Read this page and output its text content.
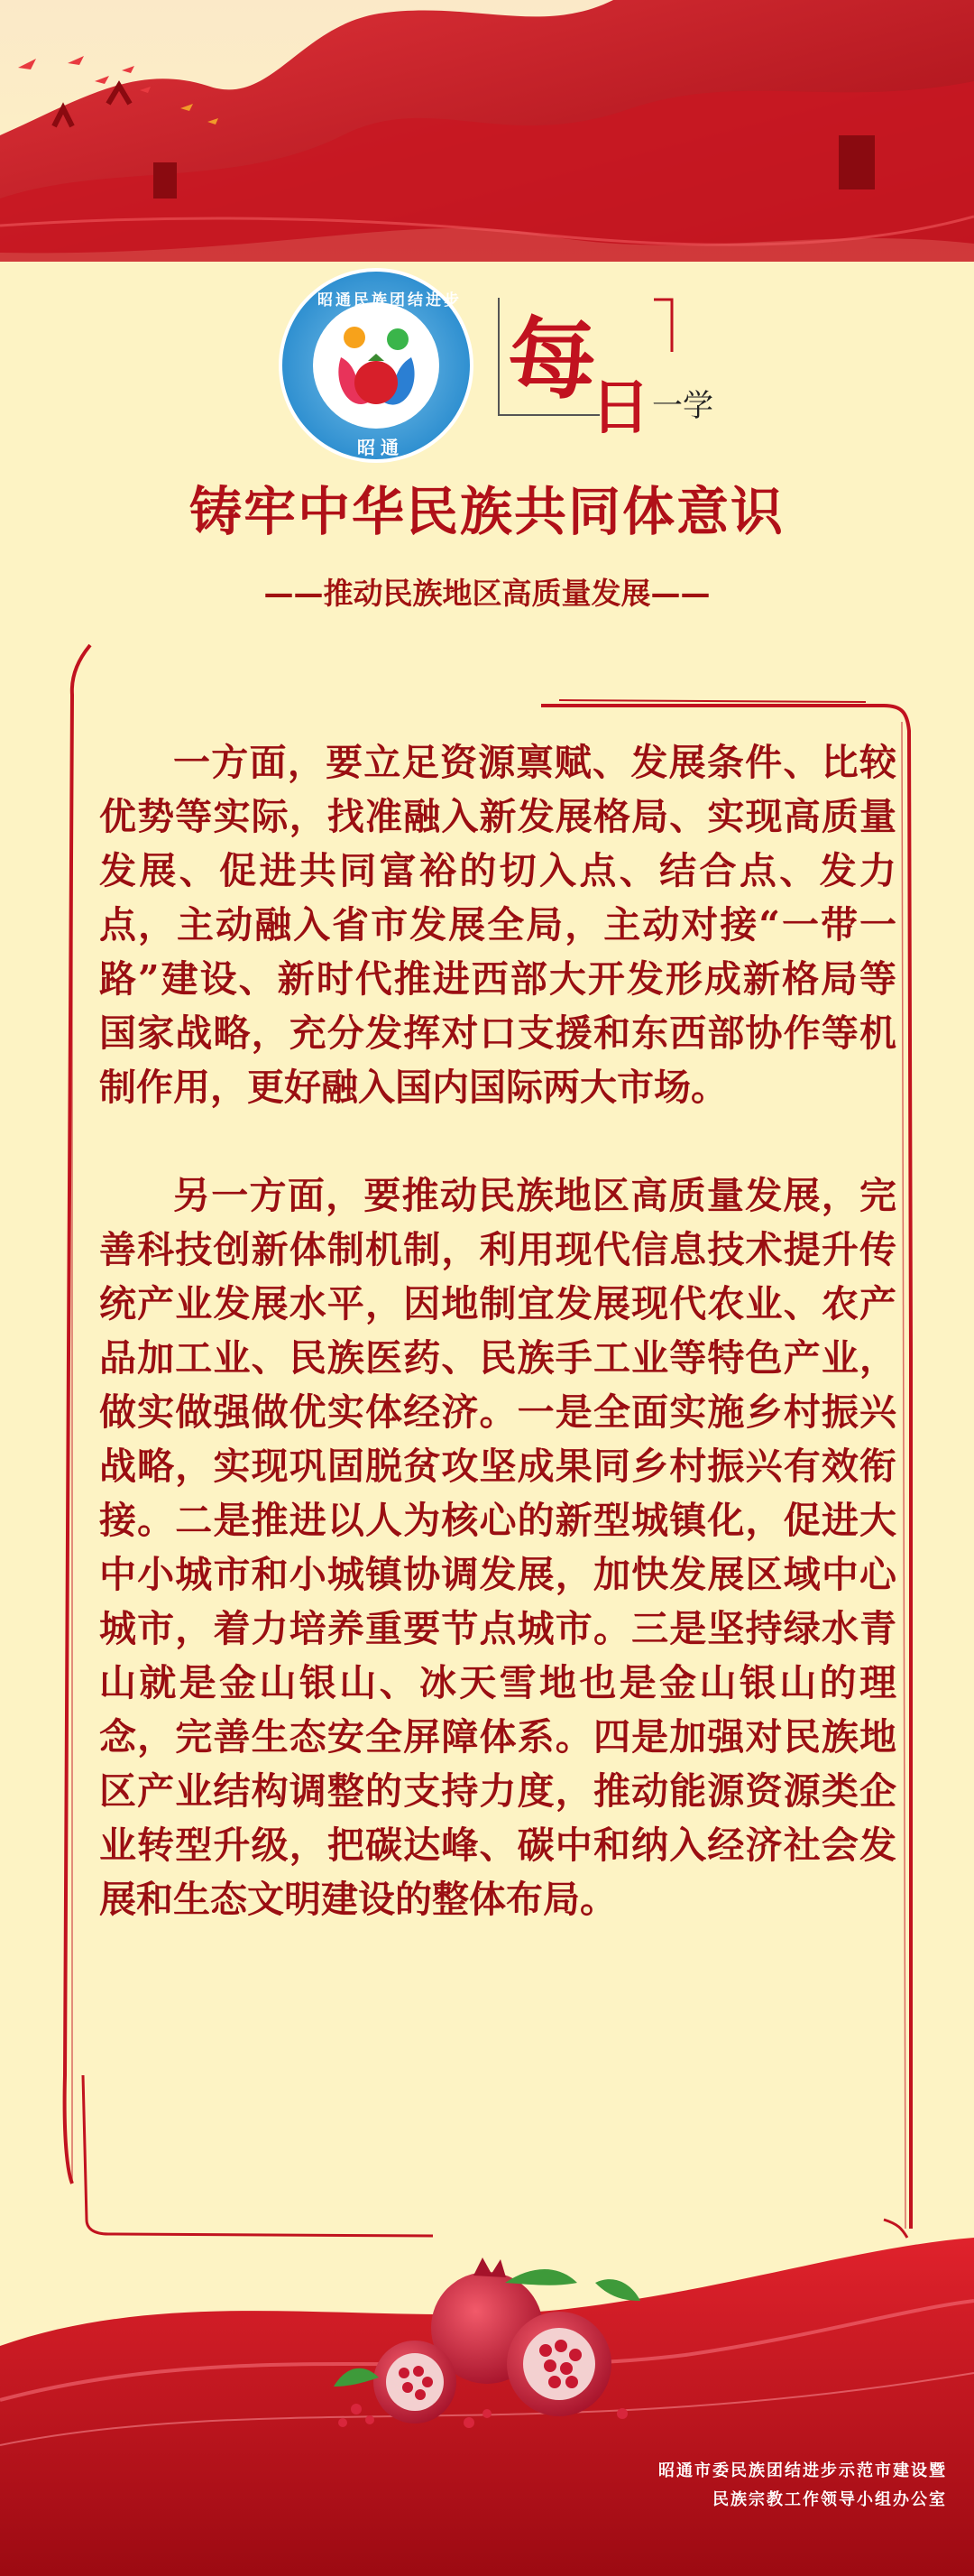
昭通民族团结进步
昭通
每
日 一学
铸牢中华民族共同体意识
——推动民族地区高质量发展——

一方面，要立足资源禀赋、发展条件、比较优势等实际，找准融入新发展格局、实现高质量发展、促进共同富裕的切入点、结合点、发力点，主动融入省市发展全局，主动对接“一带一路”建设、新时代推进西部大开发形成新格局等国家战略，充分发挥对口支援和东西部协作等机制作用，更好融入国内国际两大市场。

另一方面，要推动民族地区高质量发展，完善科技创新体制机制，利用现代信息技术提升传统产业发展水平，因地制宜发展现代农业、农产品加工业、民族医药、民族手工业等特色产业，做实做强做优实体经济。一是全面实施乡村振兴战略，实现巩固脱贫攻坚成果同乡村振兴有效衔接。二是推进以人为核心的新型城镇化，促进大中小城市和小城镇协调发展，加快发展区域中心城市，着力培养重要节点城市。三是坚持绿水青山就是金山银山、冰天雪地也是金山银山的理念，完善生态安全屏障体系。四是加强对民族地区产业结构调整的支持力度，推动能源资源类企业转型升级，把碳达峰、碳中和纳入经济社会发展和生态文明建设的整体布局。

昭通市委民族团结进步示范市建设暨
民族宗教工作领导小组办公室
